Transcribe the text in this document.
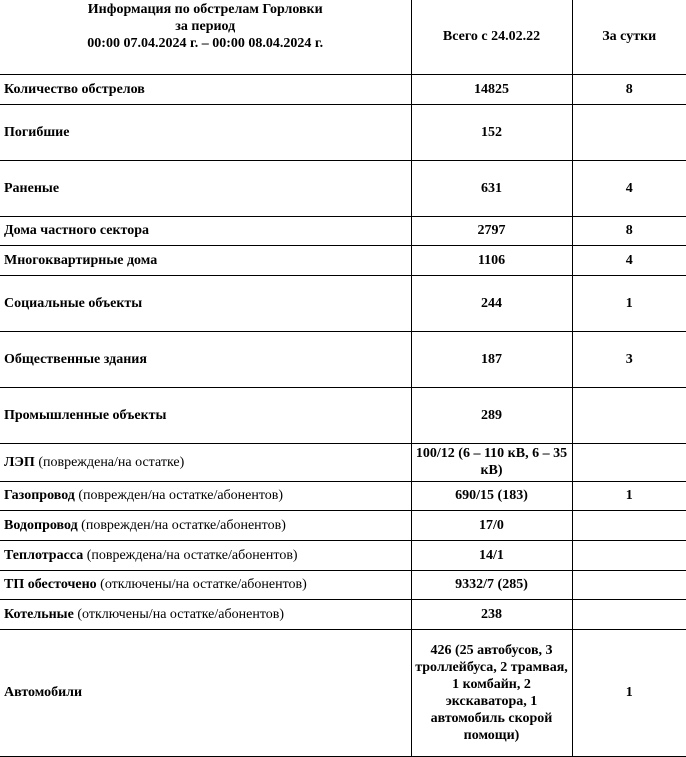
Информация по обстрелам Горловки
за период
00:00 07.04.2024 г. – 00:00 08.04.2024 г.	Всего с 24.02.22	За сутки
Количество обстрелов	14825	8
Погибшие	152	
Раненые	631	4
Дома частного сектора	2797	8
Многоквартирные дома	1106	4
Социальные объекты	244	1
Общественные здания	187	3
Промышленные объекты	289	
ЛЭП (повреждена/на остатке)	100/12 (6 – 110 кВ, 6 – 35 кВ)	
Газопровод (поврежден/на остатке/абонентов)	690/15 (183)	1
Водопровод (поврежден/на остатке/абонентов)	17/0	
Теплотрасса (повреждена/на остатке/абонентов)	14/1	
ТП обесточено (отключены/на остатке/абонентов)	9332/7 (285)	
Котельные (отключены/на остатке/абонентов)	238	
Автомобили	426 (25 автобусов, 3 троллейбуса, 2 трамвая, 1 комбайн, 2 экскаватора, 1 автомобиль скорой помощи)	1
